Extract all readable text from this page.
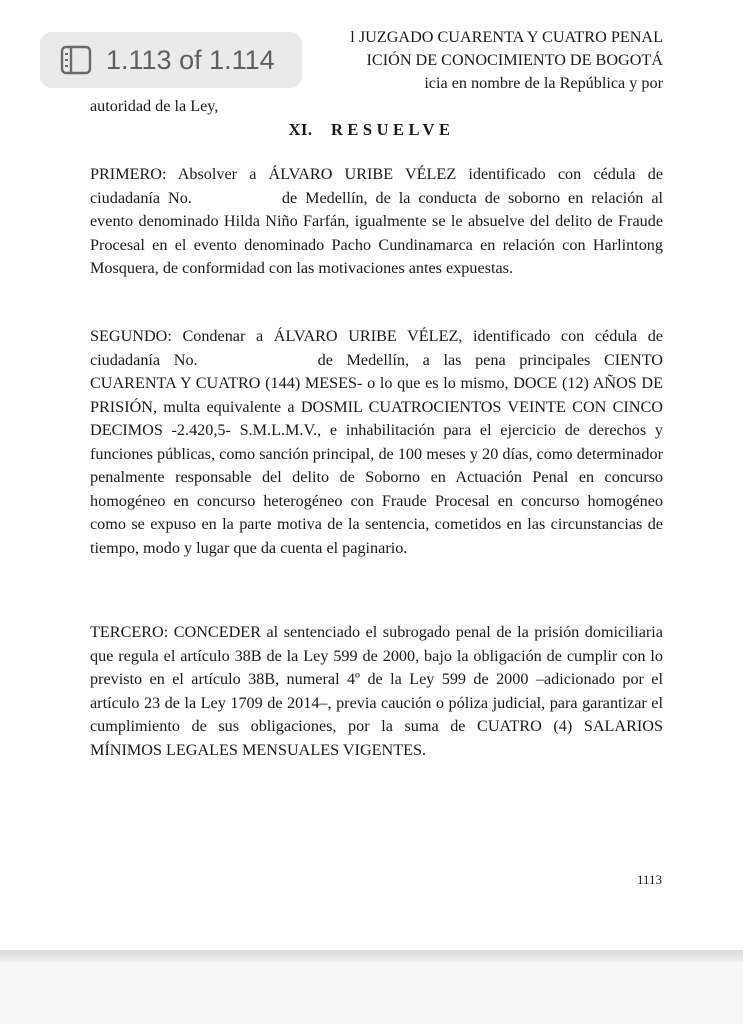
l JUZGADO CUARENTA Y CUATRO PENAL
ICIÓN DE CONOCIMIENTO DE BOGOTÁ
icia en nombre de la República y por
autoridad de la Ley,
XI. RESUELVE
PRIMERO: Absolver a ÁLVARO URIBE VÉLEZ identificado con cédula de ciudadanía No.	de Medellín, de la conducta de soborno en relación al evento denominado Hilda Niño Farfán, igualmente se le absuelve del delito de Fraude Procesal en el evento denominado Pacho Cundinamarca en relación con Harlintong Mosquera, de conformidad con las motivaciones antes expuestas.
SEGUNDO: Condenar a ÁLVARO URIBE VÉLEZ, identificado con cédula de ciudadanía No.	de Medellín, a las pena principales CIENTO CUARENTA Y CUATRO (144) MESES- o lo que es lo mismo, DOCE (12) AÑOS DE PRISIÓN, multa equivalente a DOSMIL CUATROCIENTOS VEINTE CON CINCO DECIMOS -2.420,5- S.M.L.M.V., e inhabilitación para el ejercicio de derechos y funciones públicas, como sanción principal, de 100 meses y 20 días, como determinador penalmente responsable del delito de Soborno en Actuación Penal en concurso homogéneo en concurso heterogéneo con Fraude Procesal en concurso homogéneo como se expuso en la parte motiva de la sentencia, cometidos en las circunstancias de tiempo, modo y lugar que da cuenta el paginario.
TERCERO: CONCEDER al sentenciado el subrogado penal de la prisión domiciliaria que regula el artículo 38B de la Ley 599 de 2000, bajo la obligación de cumplir con lo previsto en el artículo 38B, numeral 4º de la Ley 599 de 2000 –adicionado por el artículo 23 de la Ley 1709 de 2014–, previa caución o póliza judicial, para garantizar el cumplimiento de sus obligaciones, por la suma de CUATRO (4) SALARIOS MÍNIMOS LEGALES MENSUALES VIGENTES.
1113
1.113 of 1.114
